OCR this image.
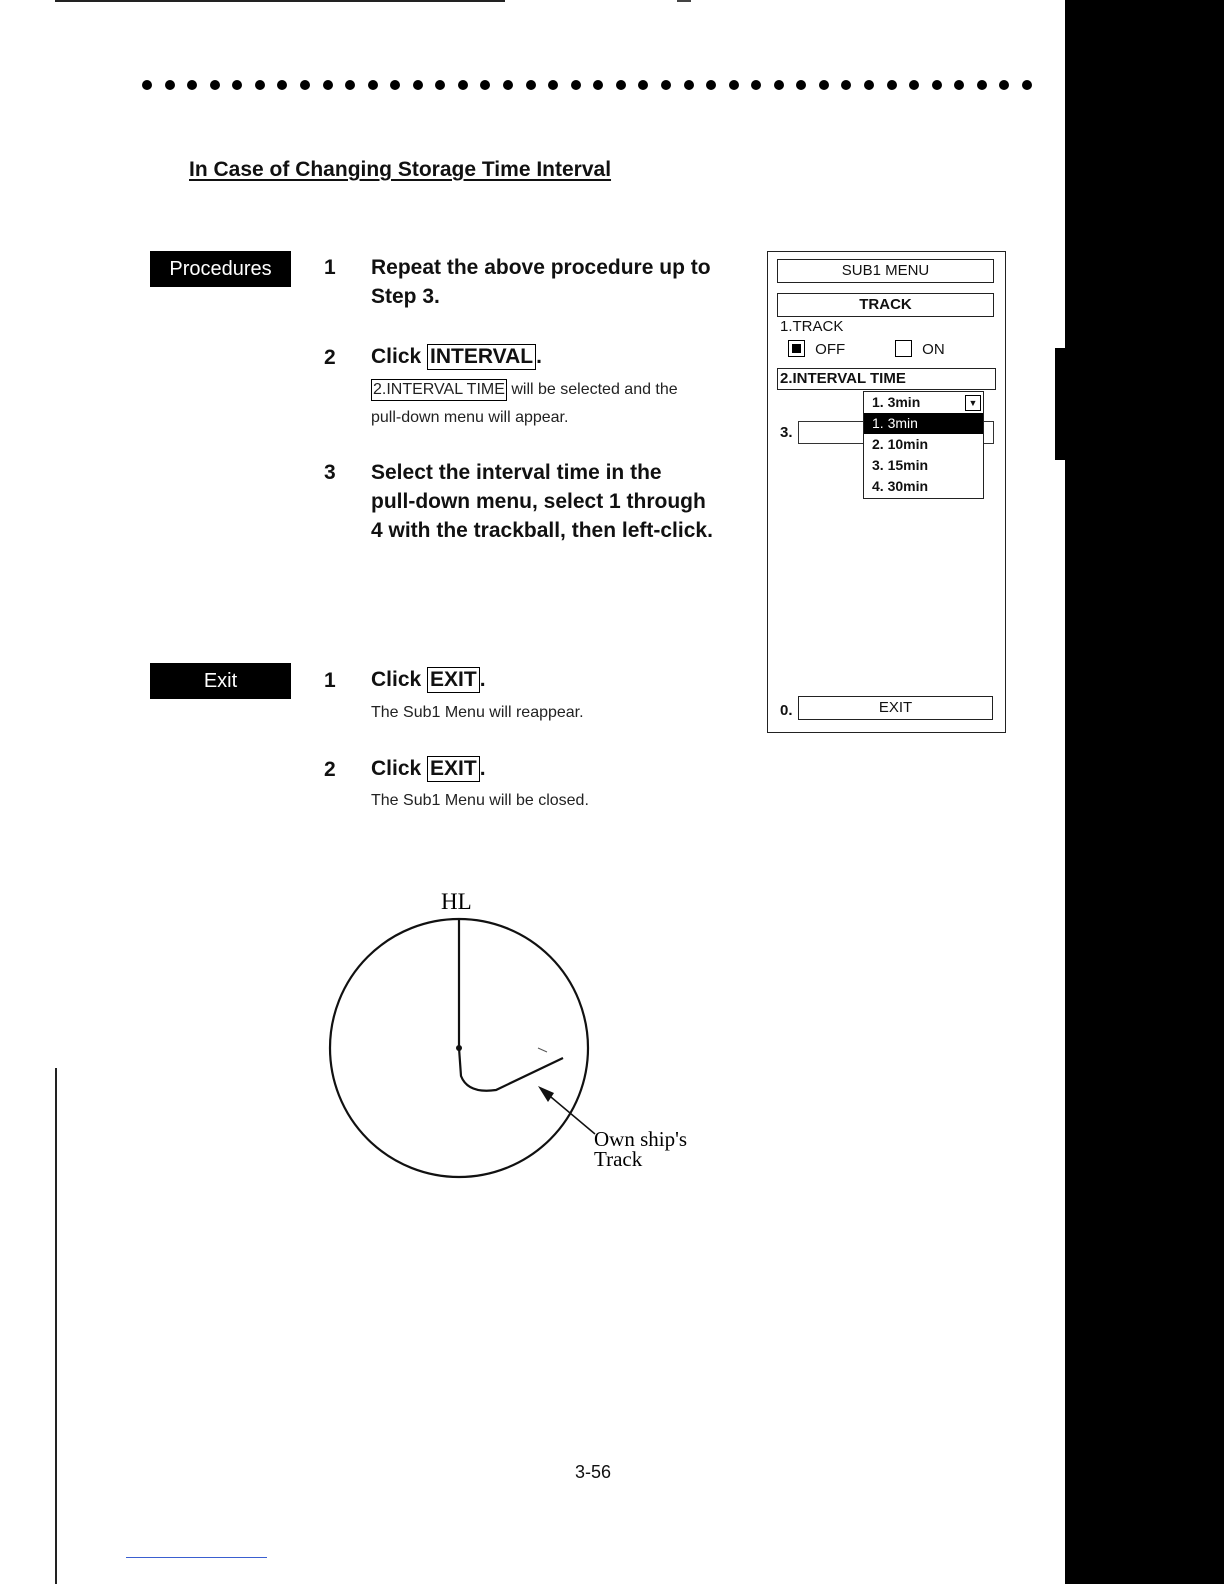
In Case of Changing Storage Time Interval
Procedures	1 Repeat the above procedure up to
Step 3.
2 Click INTERVAL .
2.INTERVAL TIME will be selected and the
pull-down menu will appear.
3 Select the interval time in the
pull-down menu, select 1 through
4 with the trackball, then left-click.
Exit	1 Click EXIT .
The Sub1 Menu will reappear.
2 Click EXIT .
The Sub1 Menu will be closed.
SUB1 MENU
TRACK
1.TRACK
OFF	ON
2.INTERVAL TIME
3.
1. 3min	▼
1. 3min
2. 10min
3. 15min
4. 30min
0.	EXIT
HL
Own ship's
Track
3-56
